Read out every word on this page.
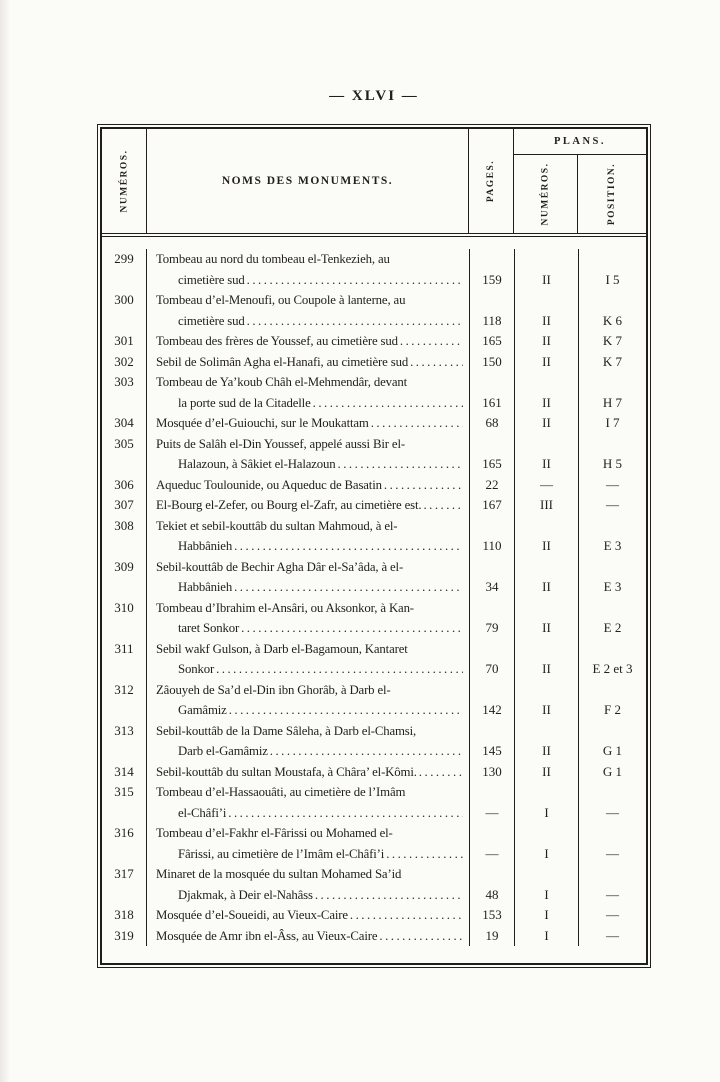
— XLVI —
NUMÉROS.	NOMS DES MONUMENTS.	PAGES.
PLANS.
NUMÉROS.	POSITION.
299	Tombeau au nord du tombeau el-Tenkezieh, au
cimetière sud .....	159	II	I 5
300	Tombeau d’el-Menoufi, ou Coupole à lanterne, au
cimetière sud .....	118	II	K 6
301	Tombeau des frères de Youssef, au cimetière sud .....	165	II	K 7
302	Sebil de Solimân Agha el-Hanafi, au cimetière sud .....	150	II	K 7
303	Tombeau de Ya’koub Châh el-Mehmendâr, devant
la porte sud de la Citadelle .....	161	II	H 7
304	Mosquée d’el-Guiouchi, sur le Moukattam .....	68	II	I 7
305	Puits de Salâh el-Din Youssef, appelé aussi Bir el-
Halazoun, à Sâkiet el-Halazoun .....	165	II	H 5
306	Aqueduc Toulounide, ou Aqueduc de Basatin .....	22	—	—
307	El-Bourg el-Zefer, ou Bourg el-Zafr, au cimetière est. .....	167	III	—
308	Tekiet et sebil-kouttâb du sultan Mahmoud, à el-
Habbânieh .....	110	II	E 3
309	Sebil-kouttâb de Bechir Agha Dâr el-Sa’âda, à el-
Habbânieh .....	34	II	E 3
310	Tombeau d’Ibrahim el-Ansâri, ou Aksonkor, à Kan-
taret Sonkor .....	79	II	E 2
311	Sebil wakf Gulson, à Darb el-Bagamoun, Kantaret
Sonkor .....	70	II	E 2 et 3
312	Zâouyeh de Sa’d el-Din ibn Ghorâb, à Darb el-
Gamâmiz .....	142	II	F 2
313	Sebil-kouttâb de la Dame Sâleha, à Darb el-Chamsi,
Darb el-Gamâmiz .....	145	II	G 1
314	Sebil-kouttâb du sultan Moustafa, à Châra’ el-Kômi. .....	130	II	G 1
315	Tombeau d’el-Hassaouâti, au cimetière de l’Imâm
el-Châfi’i .....	—	I	—
316	Tombeau d’el-Fakhr el-Fârissi ou Mohamed el-
Fârissi, au cimetière de l’Imâm el-Châfi’i .....	—	I	—
317	Minaret de la mosquée du sultan Mohamed Sa’id
Djakmak, à Deir el-Nahâss .....	48	I	—
318	Mosquée d’el-Soueidi, au Vieux-Caire .....	153	I	—
319	Mosquée de Amr ibn el-Âss, au Vieux-Caire .....	19	I	—
